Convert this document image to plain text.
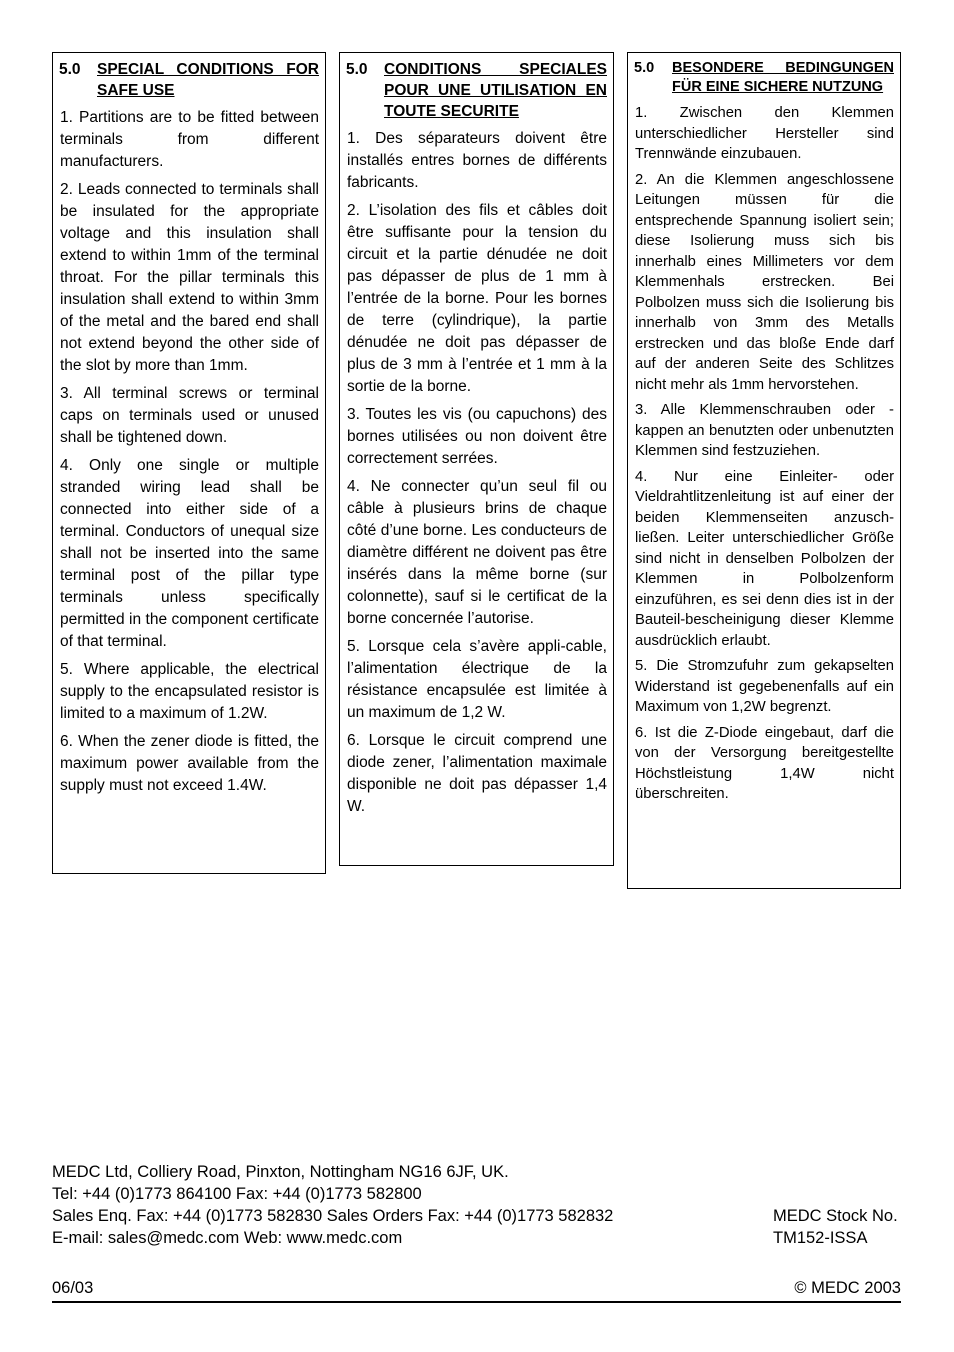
5.0	SPECIAL CONDITIONS FOR SAFE USE

1. Partitions are to be fitted between terminals from different manufacturers.

2. Leads connected to terminals shall be insulated for the appropriate voltage and this insulation shall extend to within 1mm of the terminal throat. For the pillar terminals this insulation shall extend to within 3mm of the metal and the bared end shall not extend beyond the other side of the slot by more than 1mm.

3. All terminal screws or terminal caps on terminals used or unused shall be tightened down.

4. Only one single or multiple stranded wiring lead shall be connected into either side of a terminal. Conductors of unequal size shall not be inserted into the same terminal post of the pillar type terminals unless specifically permitted in the component certificate of that terminal.

5. Where applicable, the electrical supply to the encapsulated resistor is limited to a maximum of 1.2W.

6. When the zener diode is fitted, the maximum power available from the supply must not exceed 1.4W.

5.0	CONDITIONS SPECIALES POUR UNE UTILISATION EN TOUTE SECURITE

1. Des séparateurs doivent être installés entres bornes de différents fabricants.

2. L’isolation des fils et câbles doit être suffisante pour la tension du circuit et la partie dénudée ne doit pas dépasser de plus de 1 mm à l’entrée de la borne. Pour les bornes de terre (cylindrique), la partie dénudée ne doit pas dépasser de plus de 3 mm à l’entrée et 1 mm à la sortie de la borne.

3. Toutes les vis (ou capuchons) des bornes utilisées ou non doivent être correctement serrées.

4. Ne connecter qu’un seul fil ou câble à plusieurs brins de chaque côté d’une borne. Les conducteurs de diamètre différent ne doivent pas être insérés dans la même borne (sur colonnette), sauf si le certificat de la borne concernée l’autorise.

5. Lorsque cela s’avère appli-cable, l’alimentation électrique de la résistance encapsulée est limitée à un maximum de 1,2 W.

6. Lorsque le circuit comprend une diode zener, l’alimentation maximale disponible ne doit pas dépasser 1,4 W.

5.0	BESONDERE BEDINGUNGEN FÜR EINE SICHERE NUTZUNG

1. Zwischen den Klemmen unterschiedlicher Hersteller sind Trennwände einzubauen.

2. An die Klemmen angeschlossene Leitungen müssen für die entsprechende Spannung isoliert sein; diese Isolierung muss sich bis innerhalb eines Millimeters vor dem Klemmenhals erstrecken. Bei Polbolzen muss sich die Isolierung bis innerhalb von 3mm des Metalls erstrecken und das bloße Ende darf auf der anderen Seite des Schlitzes nicht mehr als 1mm hervorstehen.

3. Alle Klemmenschrauben oder -kappen an benutzten oder unbenutzten Klemmen sind festzuziehen.

4. Nur eine Einleiter- oder Vieldrahtlitzenleitung ist auf einer der beiden Klemmenseiten anzusch-ließen. Leiter unterschiedlicher Größe sind nicht in denselben Polbolzen der Klemmen in Polbolzenform einzuführen, es sei denn dies ist in der Bauteil-bescheinigung dieser Klemme ausdrücklich erlaubt.

5. Die Stromzufuhr zum gekapselten Widerstand ist gegebenenfalls auf ein Maximum von 1,2W begrenzt.

6. Ist die Z-Diode eingebaut, darf die von der Versorgung bereitgestellte Höchstleistung 1,4W nicht überschreiten.

MEDC Ltd, Colliery Road, Pinxton, Nottingham NG16 6JF, UK.
Tel: +44 (0)1773 864100 Fax: +44 (0)1773 582800
Sales Enq. Fax: +44 (0)1773 582830 Sales Orders Fax: +44 (0)1773 582832
E-mail: sales@medc.com Web: www.medc.com
MEDC Stock No.
TM152-ISSA
06/03	© MEDC 2003
